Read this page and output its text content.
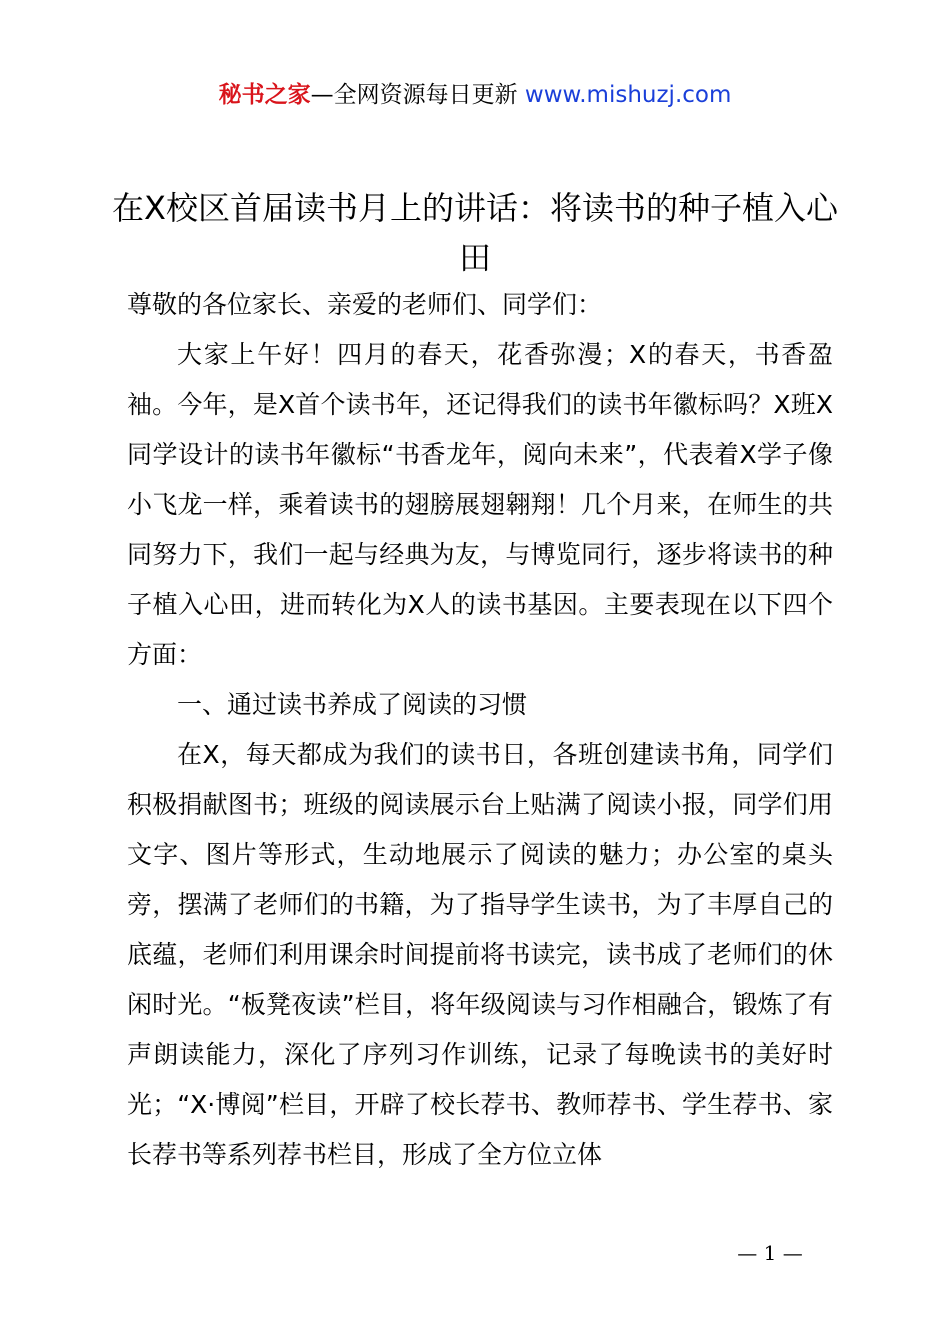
秘书之家—全网资源每日更新 www.mishuzj.com
在X校区首届读书月上的讲话：将读书的种子植入心田

尊敬的各位家长、亲爱的老师们、同学们：

大家上午好！四月的春天，花香弥漫；X的春天，书香盈袖。今年，是X首个读书年，还记得我们的读书年徽标吗？X班X同学设计的读书年徽标“书香龙年，阅向未来”，代表着X学子像小飞龙一样，乘着读书的翅膀展翅翱翔！几个月来，在师生的共同努力下，我们一起与经典为友，与博览同行，逐步将读书的种子植入心田，进而转化为X人的读书基因。主要表现在以下四个方面：

一、通过读书养成了阅读的习惯

在X，每天都成为我们的读书日，各班创建读书角，同学们积极捐献图书；班级的阅读展示台上贴满了阅读小报，同学们用文字、图片等形式，生动地展示了阅读的魅力；办公室的桌头旁，摆满了老师们的书籍，为了指导学生读书，为了丰厚自己的底蕴，老师们利用课余时间提前将书读完，读书成了老师们的休闲时光。“板凳夜读”栏目，将年级阅读与习作相融合，锻炼了有声朗读能力，深化了序列习作训练，记录了每晚读书的美好时光；“X·博阅”栏目，开辟了校长荐书、教师荐书、学生荐书、家长荐书等系列荐书栏目，形成了全方位立体

— 1 —
